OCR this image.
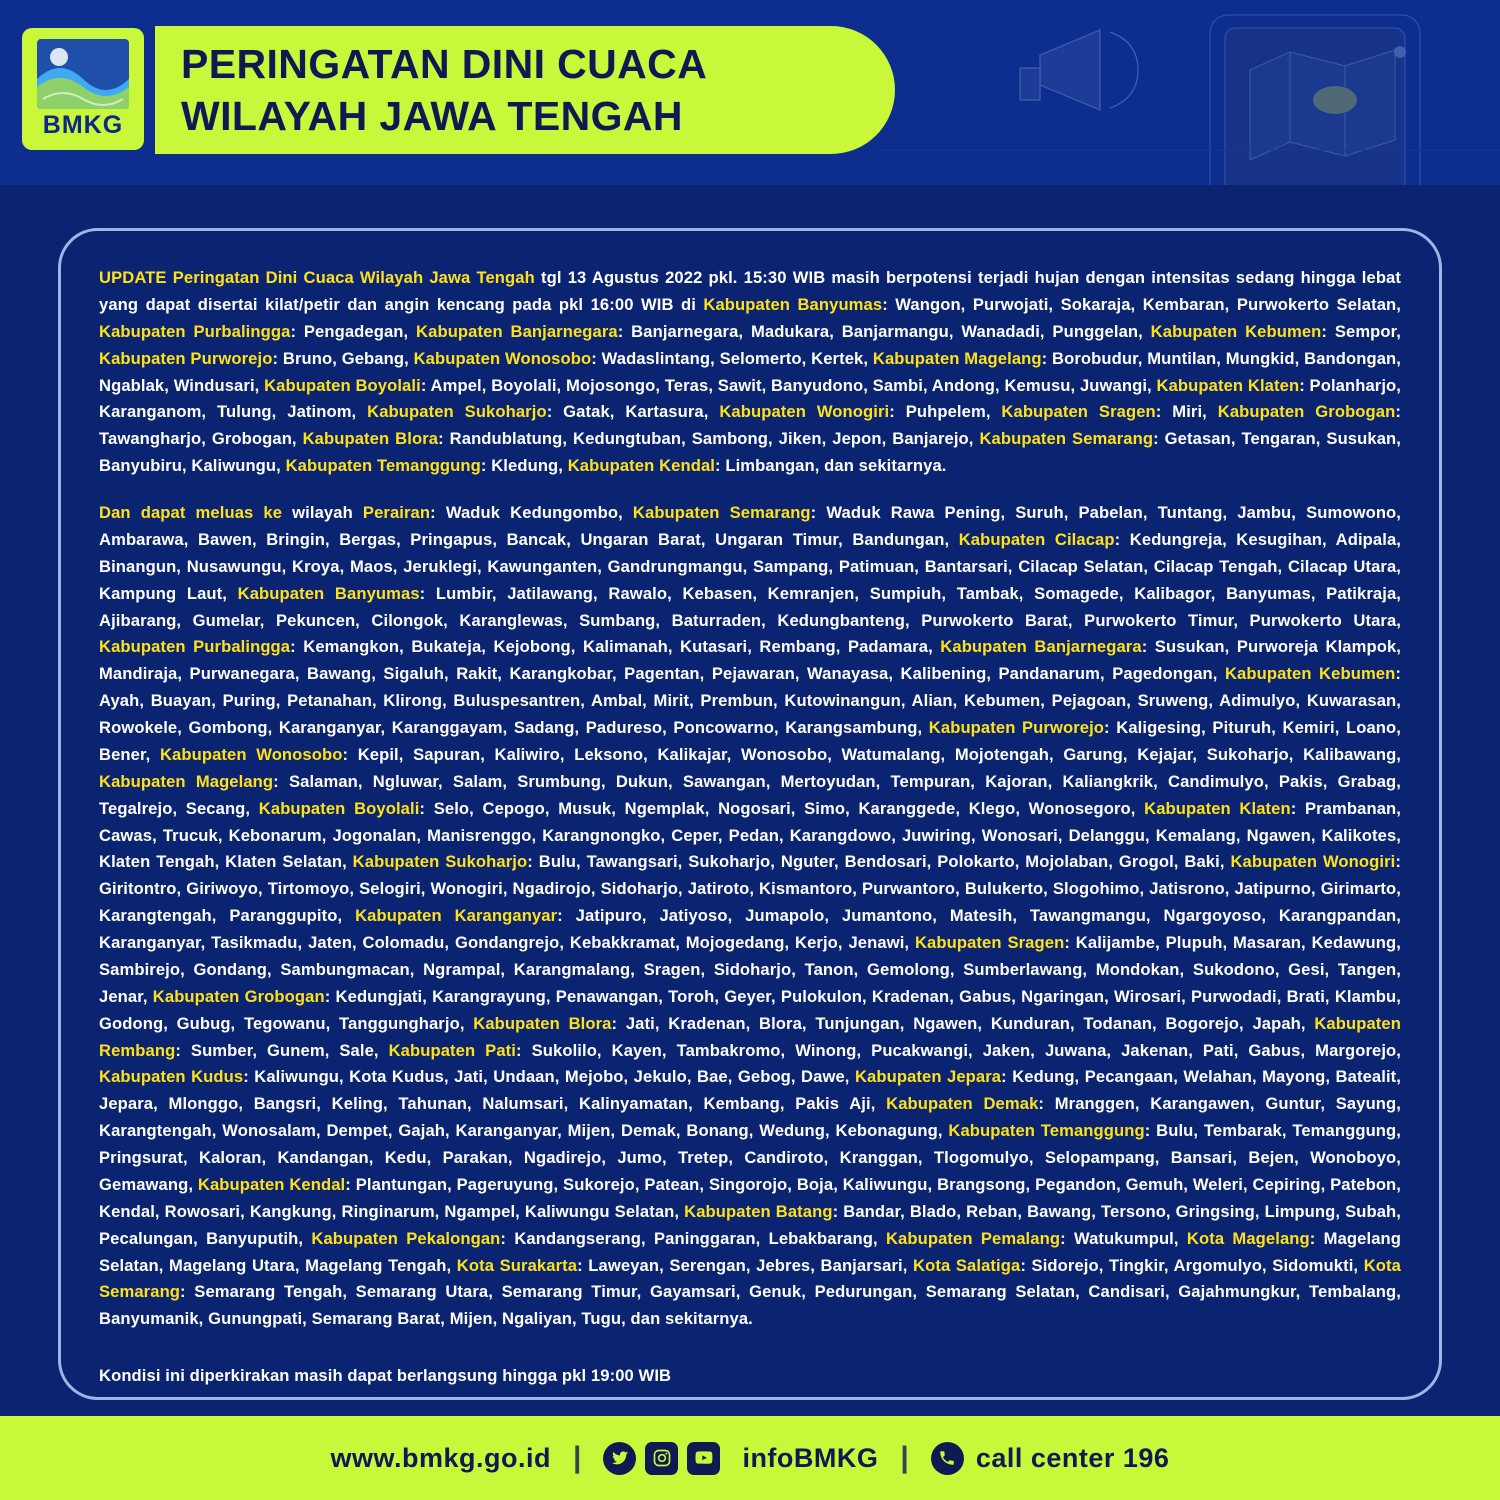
BMKG
PERINGATAN DINI CUACA
WILAYAH JAWA TENGAH

UPDATE Peringatan Dini Cuaca Wilayah Jawa Tengah tgl 13 Agustus 2022 pkl. 15:30 WIB masih berpotensi terjadi hujan dengan intensitas sedang hingga lebat yang dapat disertai kilat/petir dan angin kencang pada pkl 16:00 WIB di Kabupaten Banyumas: Wangon, Purwojati, Sokaraja, Kembaran, Purwokerto Selatan, Kabupaten Purbalingga: Pengadegan, Kabupaten Banjarnegara: Banjarnegara, Madukara, Banjarmangu, Wanadadi, Punggelan, Kabupaten Kebumen: Sempor, Kabupaten Purworejo: Bruno, Gebang, Kabupaten Wonosobo: Wadaslintang, Selomerto, Kertek, Kabupaten Magelang: Borobudur, Muntilan, Mungkid, Bandongan, Ngablak, Windusari, Kabupaten Boyolali: Ampel, Boyolali, Mojosongo, Teras, Sawit, Banyudono, Sambi, Andong, Kemusu, Juwangi, Kabupaten Klaten: Polanharjo, Karanganom, Tulung, Jatinom, Kabupaten Sukoharjo: Gatak, Kartasura, Kabupaten Wonogiri: Puhpelem, Kabupaten Sragen: Miri, Kabupaten Grobogan: Tawangharjo, Grobogan, Kabupaten Blora: Randublatung, Kedungtuban, Sambong, Jiken, Jepon, Banjarejo, Kabupaten Semarang: Getasan, Tengaran, Susukan, Banyubiru, Kaliwungu, Kabupaten Temanggung: Kledung, Kabupaten Kendal: Limbangan, dan sekitarnya.

Dan dapat meluas ke wilayah Perairan: Waduk Kedungombo, Kabupaten Semarang: Waduk Rawa Pening, Suruh, Pabelan, Tuntang, Jambu, Sumowono, Ambarawa, Bawen, Bringin, Bergas, Pringapus, Bancak, Ungaran Barat, Ungaran Timur, Bandungan, Kabupaten Cilacap: Kedungreja, Kesugihan, Adipala, Binangun, Nusawungu, Kroya, Maos, Jeruklegi, Kawunganten, Gandrungmangu, Sampang, Patimuan, Bantarsari, Cilacap Selatan, Cilacap Tengah, Cilacap Utara, Kampung Laut, Kabupaten Banyumas: Lumbir, Jatilawang, Rawalo, Kebasen, Kemranjen, Sumpiuh, Tambak, Somagede, Kalibagor, Banyumas, Patikraja, Ajibarang, Gumelar, Pekuncen, Cilongok, Karanglewas, Sumbang, Baturraden, Kedungbanteng, Purwokerto Barat, Purwokerto Timur, Purwokerto Utara, Kabupaten Purbalingga: Kemangkon, Bukateja, Kejobong, Kalimanah, Kutasari, Rembang, Padamara, Kabupaten Banjarnegara: Susukan, Purworeja Klampok, Mandiraja, Purwanegara, Bawang, Sigaluh, Rakit, Karangkobar, Pagentan, Pejawaran, Wanayasa, Kalibening, Pandanarum, Pagedongan, Kabupaten Kebumen: Ayah, Buayan, Puring, Petanahan, Klirong, Buluspesantren, Ambal, Mirit, Prembun, Kutowinangun, Alian, Kebumen, Pejagoan, Sruweng, Adimulyo, Kuwarasan, Rowokele, Gombong, Karanganyar, Karanggayam, Sadang, Padureso, Poncowarno, Karangsambung, Kabupaten Purworejo: Kaligesing, Pituruh, Kemiri, Loano, Bener, Kabupaten Wonosobo: Kepil, Sapuran, Kaliwiro, Leksono, Kalikajar, Wonosobo, Watumalang, Mojotengah, Garung, Kejajar, Sukoharjo, Kalibawang, Kabupaten Magelang: Salaman, Ngluwar, Salam, Srumbung, Dukun, Sawangan, Mertoyudan, Tempuran, Kajoran, Kaliangkrik, Candimulyo, Pakis, Grabag, Tegalrejo, Secang, Kabupaten Boyolali: Selo, Cepogo, Musuk, Ngemplak, Nogosari, Simo, Karanggede, Klego, Wonosegoro, Kabupaten Klaten: Prambanan, Cawas, Trucuk, Kebonarum, Jogonalan, Manisrenggo, Karangnongko, Ceper, Pedan, Karangdowo, Juwiring, Wonosari, Delanggu, Kemalang, Ngawen, Kalikotes, Klaten Tengah, Klaten Selatan, Kabupaten Sukoharjo: Bulu, Tawangsari, Sukoharjo, Nguter, Bendosari, Polokarto, Mojolaban, Grogol, Baki, Kabupaten Wonogiri: Giritontro, Giriwoyo, Tirtomoyo, Selogiri, Wonogiri, Ngadirojo, Sidoharjo, Jatiroto, Kismantoro, Purwantoro, Bulukerto, Slogohimo, Jatisrono, Jatipurno, Girimarto, Karangtengah, Paranggupito, Kabupaten Karanganyar: Jatipuro, Jatiyoso, Jumapolo, Jumantono, Matesih, Tawangmangu, Ngargoyoso, Karangpandan, Karanganyar, Tasikmadu, Jaten, Colomadu, Gondangrejo, Kebakkramat, Mojogedang, Kerjo, Jenawi, Kabupaten Sragen: Kalijambe, Plupuh, Masaran, Kedawung, Sambirejo, Gondang, Sambungmacan, Ngrampal, Karangmalang, Sragen, Sidoharjo, Tanon, Gemolong, Sumberlawang, Mondokan, Sukodono, Gesi, Tangen, Jenar, Kabupaten Grobogan: Kedungjati, Karangrayung, Penawangan, Toroh, Geyer, Pulokulon, Kradenan, Gabus, Ngaringan, Wirosari, Purwodadi, Brati, Klambu, Godong, Gubug, Tegowanu, Tanggungharjo, Kabupaten Blora: Jati, Kradenan, Blora, Tunjungan, Ngawen, Kunduran, Todanan, Bogorejo, Japah, Kabupaten Rembang: Sumber, Gunem, Sale, Kabupaten Pati: Sukolilo, Kayen, Tambakromo, Winong, Pucakwangi, Jaken, Juwana, Jakenan, Pati, Gabus, Margorejo, Kabupaten Kudus: Kaliwungu, Kota Kudus, Jati, Undaan, Mejobo, Jekulo, Bae, Gebog, Dawe, Kabupaten Jepara: Kedung, Pecangaan, Welahan, Mayong, Batealit, Jepara, Mlonggo, Bangsri, Keling, Tahunan, Nalumsari, Kalinyamatan, Kembang, Pakis Aji, Kabupaten Demak: Mranggen, Karangawen, Guntur, Sayung, Karangtengah, Wonosalam, Dempet, Gajah, Karanganyar, Mijen, Demak, Bonang, Wedung, Kebonagung, Kabupaten Temanggung: Bulu, Tembarak, Temanggung, Pringsurat, Kaloran, Kandangan, Kedu, Parakan, Ngadirejo, Jumo, Tretep, Candiroto, Kranggan, Tlogomulyo, Selopampang, Bansari, Bejen, Wonoboyo, Gemawang, Kabupaten Kendal: Plantungan, Pageruyung, Sukorejo, Patean, Singorojo, Boja, Kaliwungu, Brangsong, Pegandon, Gemuh, Weleri, Cepiring, Patebon, Kendal, Rowosari, Kangkung, Ringinarum, Ngampel, Kaliwungu Selatan, Kabupaten Batang: Bandar, Blado, Reban, Bawang, Tersono, Gringsing, Limpung, Subah, Pecalungan, Banyuputih, Kabupaten Pekalongan: Kandangserang, Paninggaran, Lebakbarang, Kabupaten Pemalang: Watukumpul, Kota Magelang: Magelang Selatan, Magelang Utara, Magelang Tengah, Kota Surakarta: Laweyan, Serengan, Jebres, Banjarsari, Kota Salatiga: Sidorejo, Tingkir, Argomulyo, Sidomukti, Kota Semarang: Semarang Tengah, Semarang Utara, Semarang Timur, Gayamsari, Genuk, Pedurungan, Semarang Selatan, Candisari, Gajahmungkur, Tembalang, Banyumanik, Gunungpati, Semarang Barat, Mijen, Ngaliyan, Tugu, dan sekitarnya.

Kondisi ini diperkirakan masih dapat berlangsung hingga pkl 19:00 WIB

www.bmkg.go.id |	infoBMKG | call center 196
